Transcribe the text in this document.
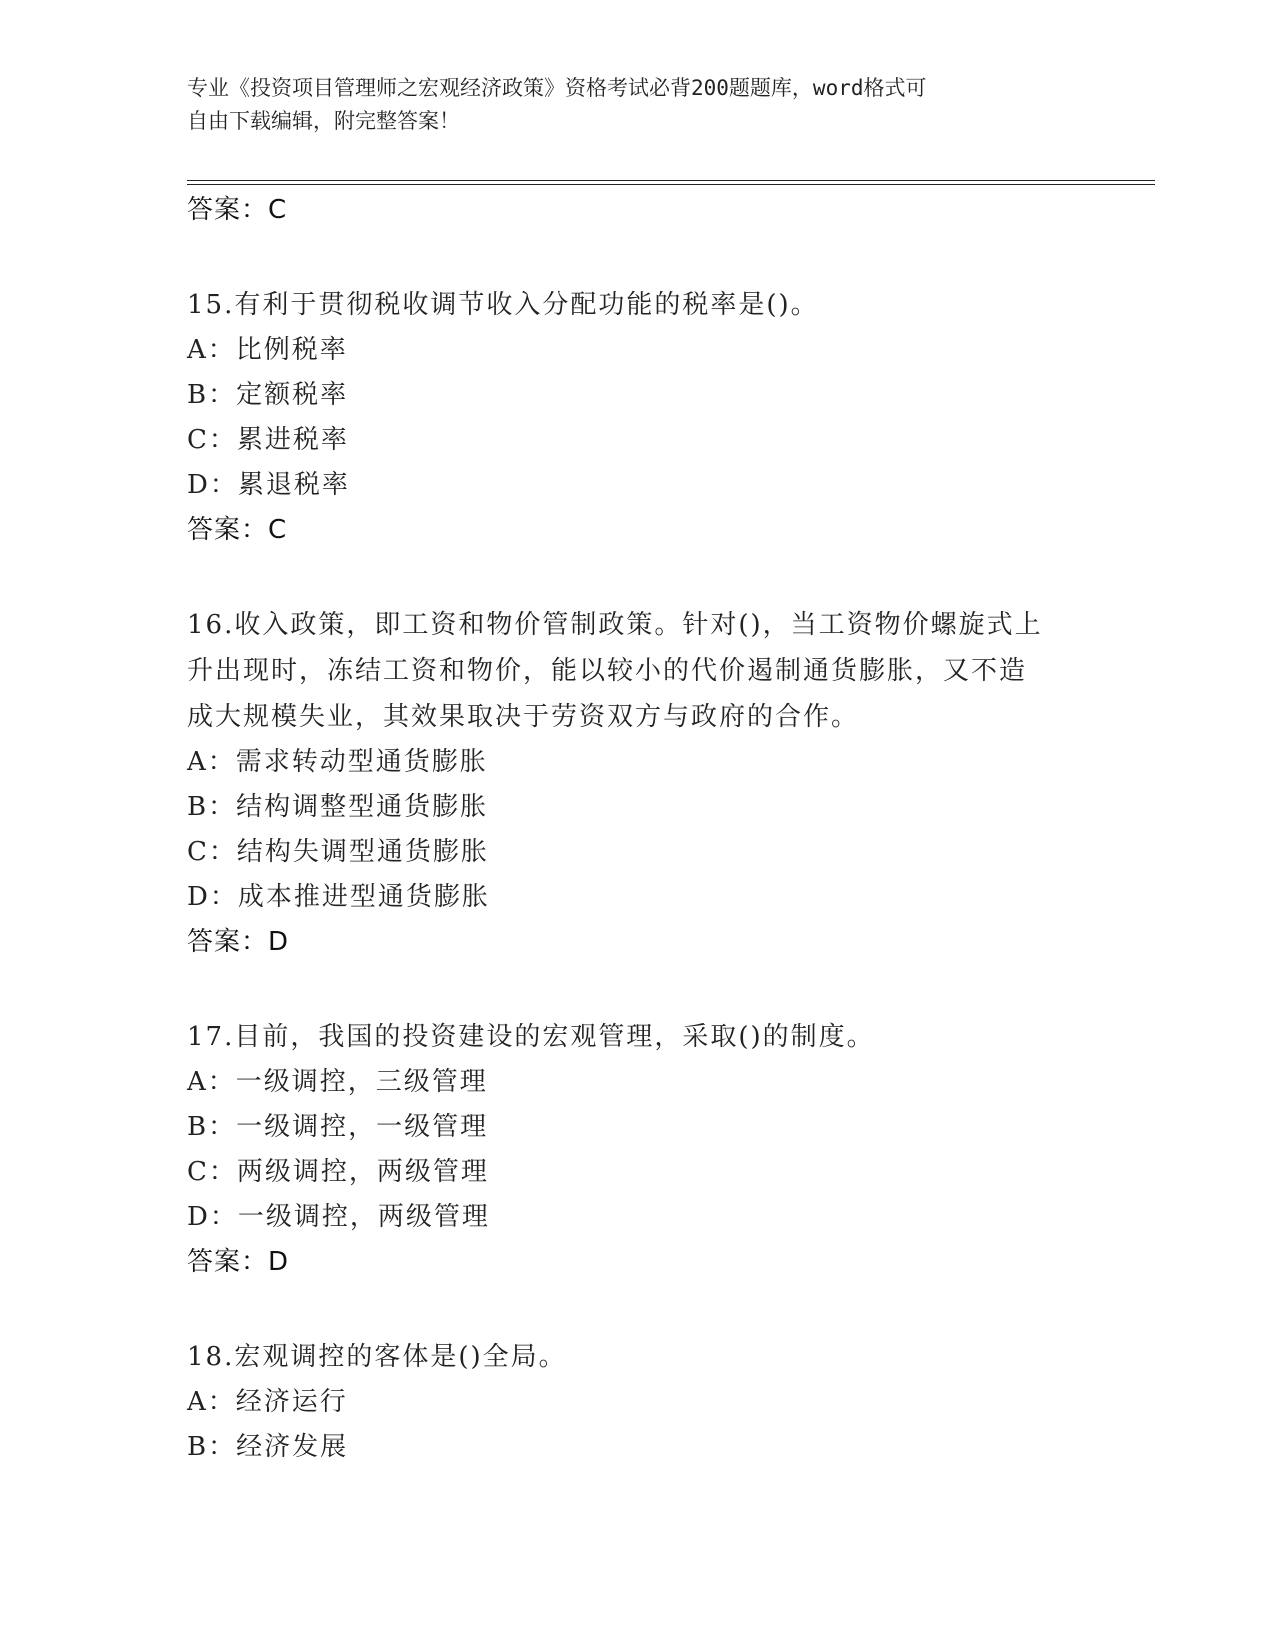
专业《投资项目管理师之宏观经济政策》资格考试必背200题题库，word格式可
自由下载编辑，附完整答案！
答案：C
15.有利于贯彻税收调节收入分配功能的税率是()。
A：比例税率
B：定额税率
C：累进税率
D：累退税率
答案：C
16.收入政策，即工资和物价管制政策。针对()，当工资物价螺旋式上
升出现时，冻结工资和物价，能以较小的代价遏制通货膨胀，又不造
成大规模失业，其效果取决于劳资双方与政府的合作。
A：需求转动型通货膨胀
B：结构调整型通货膨胀
C：结构失调型通货膨胀
D：成本推进型通货膨胀
答案：D
17.目前，我国的投资建设的宏观管理，采取()的制度。
A：一级调控，三级管理
B：一级调控，一级管理
C：两级调控，两级管理
D：一级调控，两级管理
答案：D
18.宏观调控的客体是()全局。
A：经济运行
B：经济发展
